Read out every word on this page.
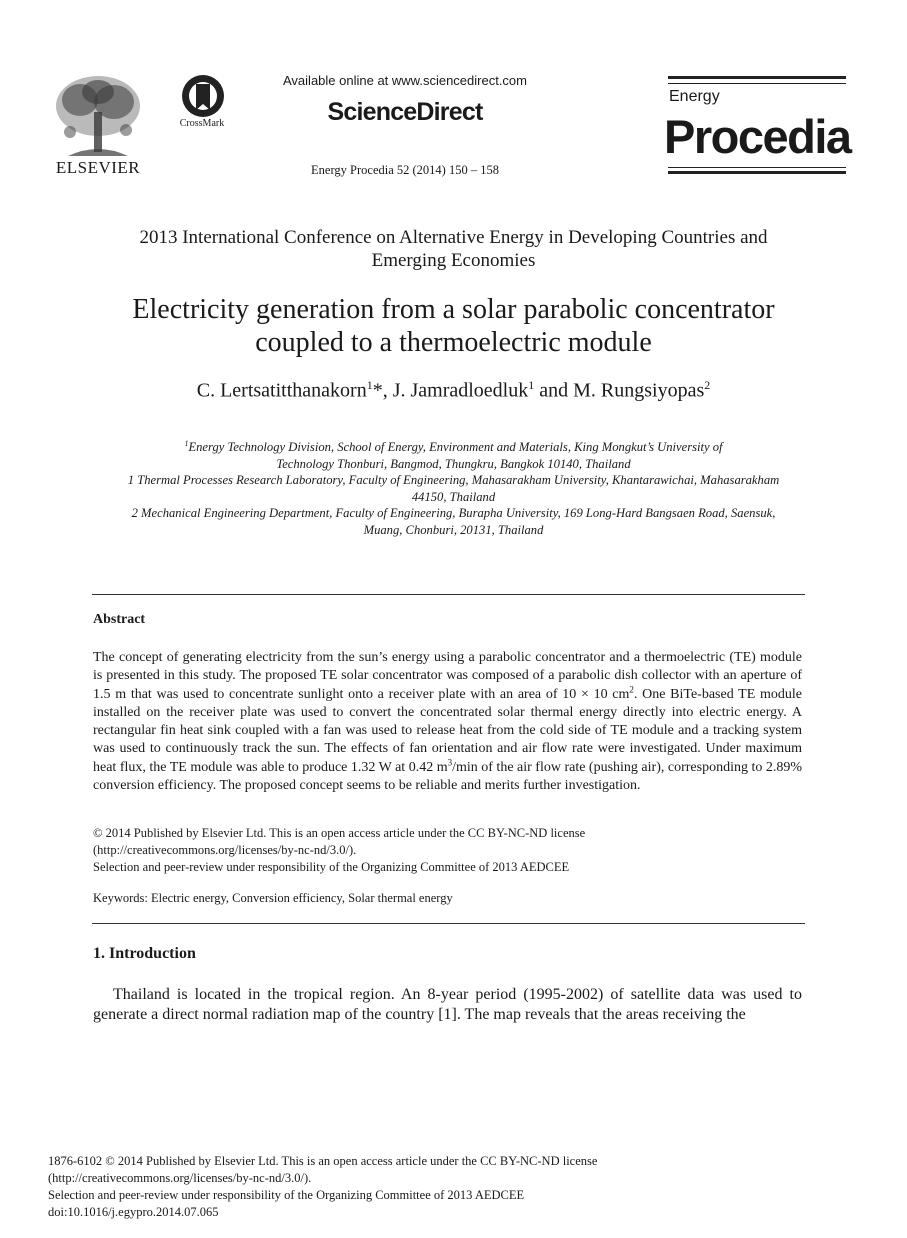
ELSEVIER
CrossMark
Available online at www.sciencedirect.com
ScienceDirect
Energy Procedia 52 (2014) 150 – 158
Energy
Procedia
2013 International Conference on Alternative Energy in Developing Countries and Emerging Economies
Electricity generation from a solar parabolic concentrator
coupled to a thermoelectric module
C. Lertsatitthanakorn$^1$*, J. Jamradloedluk$^1$ and M. Rungsiyopas$^2$
$^1$Energy Technology Division, School of Energy, Environment and Materials, King Mongkut’s University of
Technology Thonburi, Bangmod, Thungkru, Bangkok 10140, Thailand
1 Thermal Processes Research Laboratory, Faculty of Engineering, Mahasarakham University, Khantarawichai, Mahasarakham
44150, Thailand
2 Mechanical Engineering Department, Faculty of Engineering, Burapha University, 169 Long-Hard Bangsaen Road, Saensuk,
Muang, Chonburi, 20131, Thailand
Abstract
The concept of generating electricity from the sun’s energy using a parabolic concentrator and a thermoelectric (TE) module is presented in this study. The proposed TE solar concentrator was composed of a parabolic dish collector with an aperture of 1.5 m that was used to concentrate sunlight onto a receiver plate with an area of 10 × 10 $cm^2$. One BiTe-based TE module installed on the receiver plate was used to convert the concentrated solar thermal energy directly into electric energy. A rectangular fin heat sink coupled with a fan was used to release heat from the cold side of TE module and a tracking system was used to continuously track the sun. The effects of fan orientation and air flow rate were investigated. Under maximum heat flux, the TE module was able to produce 1.32 W at 0.42 $m^3/\min$ of the air flow rate (pushing air), corresponding to 2.89% conversion efficiency. The proposed concept seems to be reliable and merits further investigation.
© 2014 Published by Elsevier Ltd. This is an open access article under the CC BY-NC-ND license
(http://creativecommons.org/licenses/by-nc-nd/3.0/).
Selection and peer-review under responsibility of the Organizing Committee of 2013 AEDCEE
Keywords: Electric energy, Conversion efficiency, Solar thermal energy
1. Introduction
Thailand is located in the tropical region. An 8-year period (1995-2002) of satellite data was used to generate a direct normal radiation map of the country [1]. The map reveals that the areas receiving the
1876-6102 © 2014 Published by Elsevier Ltd. This is an open access article under the CC BY-NC-ND license
(http://creativecommons.org/licenses/by-nc-nd/3.0/).
Selection and peer-review under responsibility of the Organizing Committee of 2013 AEDCEE
doi:10.1016/j.egypro.2014.07.065
